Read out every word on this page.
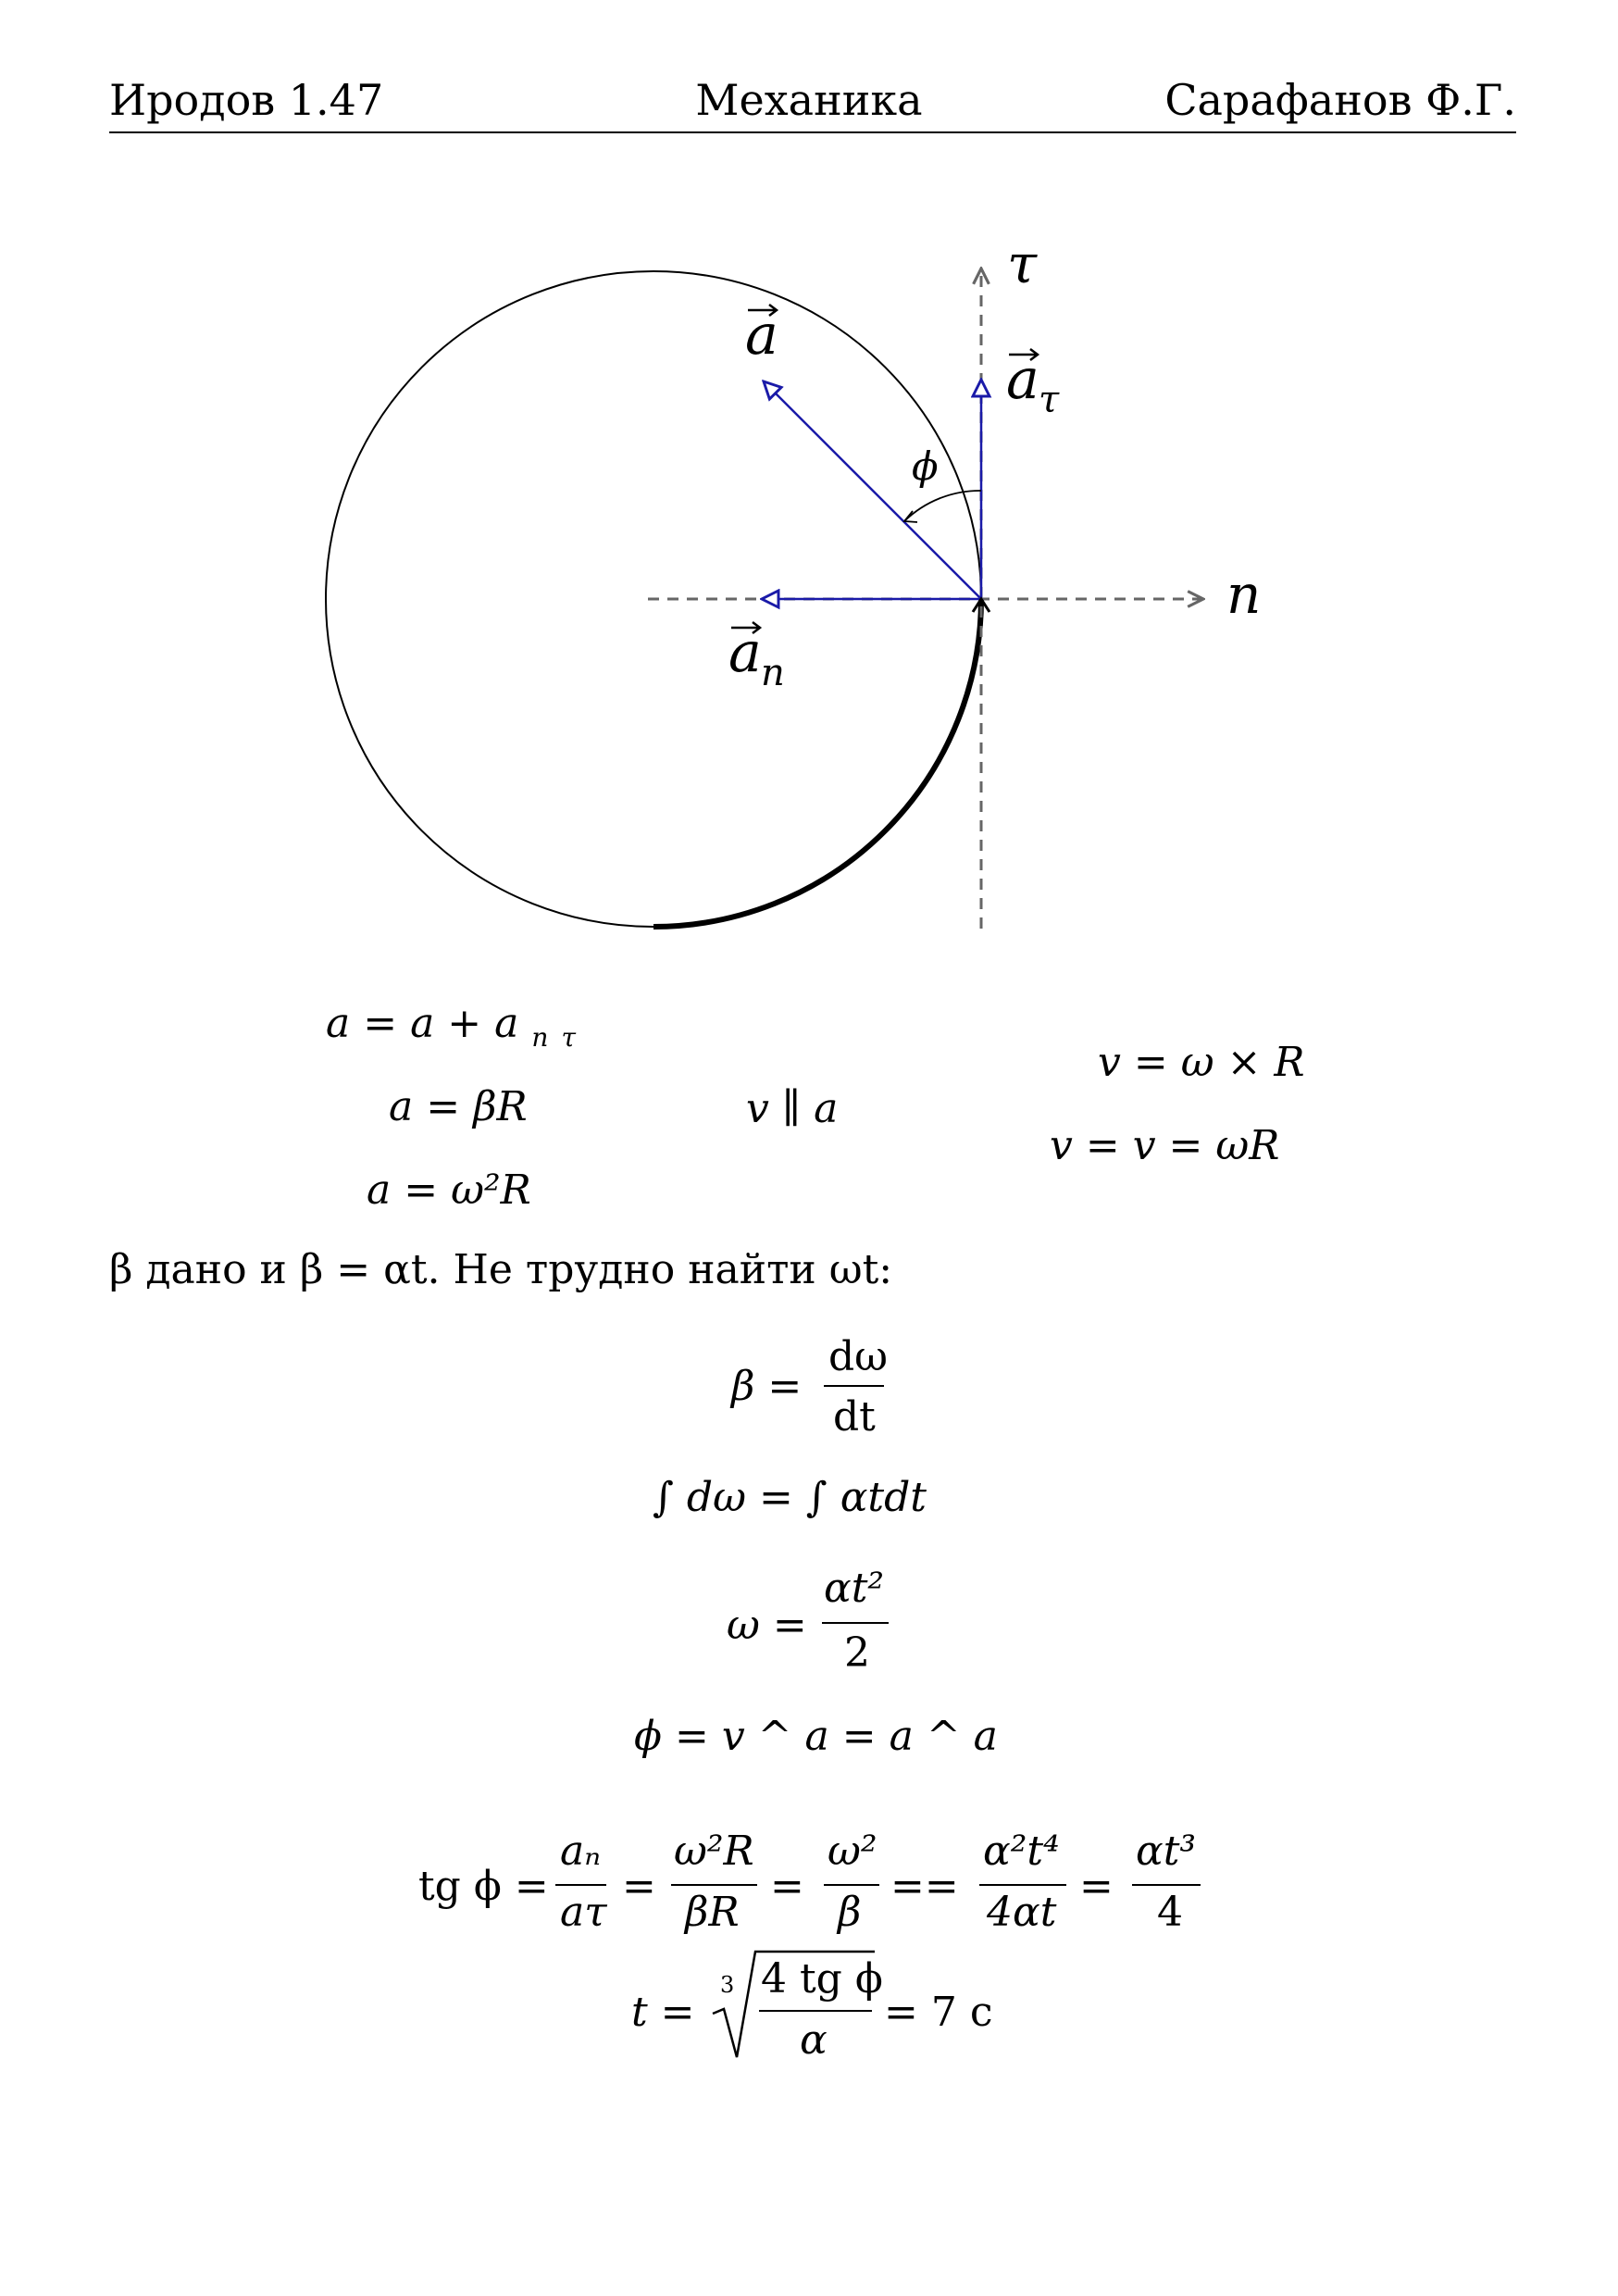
Иродов 1.47	Механика	Сарафанов Ф.Г.
a
a τ
a n
τ
n
ϕ
a = a + a $_n$ $_\tau$
a = βR
a = ω²R
v ∥ a
v = ω × R
v = v = ωR
β дано и β = αt. Не трудно найти ωt:
β =
dω
dt
∫ dω = ∫ αtdt
ω =
αt²
2
ϕ = v ^ a = a ^ a
tg ϕ =
aₙ
aτ
=
ω²R
βR
=
ω²
β
==
α²t⁴
4αt
=
αt³
4
t =
3 4 tg ϕ
α
= 7 c
